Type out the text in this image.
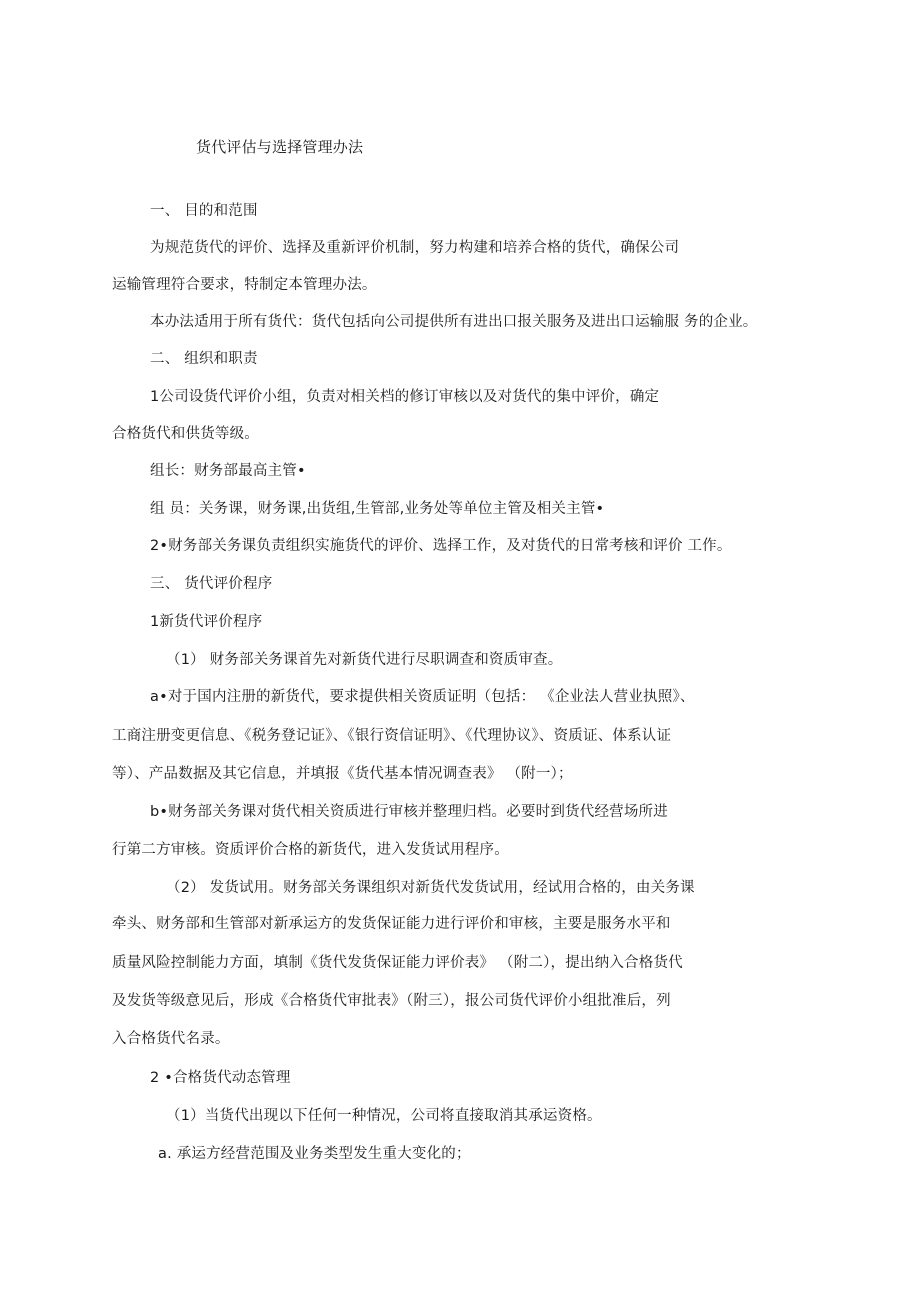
货代评估与选择管理办法
一、 目的和范围
为规范货代的评价、选择及重新评价机制，努力构建和培养合格的货代，确保公司
运输管理符合要求，特制定本管理办法。
本办法适用于所有货代：货代包括向公司提供所有进出口报关服务及进出口运输服 务的企业。
二、 组织和职责
1公司设货代评价小组，负责对相关档的修订审核以及对货代的集中评价，确定
合格货代和供货等级。
组长：财务部最高主管•
组 员：关务课，财务课,出货组,生管部,业务处等单位主管及相关主管•
2•财务部关务课负责组织实施货代的评价、选择工作，及对货代的日常考核和评价 工作。
三、 货代评价程序
1新货代评价程序
（1） 财务部关务课首先对新货代进行尽职调查和资质审查。
a•对于国内注册的新货代，要求提供相关资质证明（包括： 《企业法人营业执照》、
工商注册变更信息、《税务登记证》、《银行资信证明》、《代理协议》、资质证、体系认证
等）、产品数据及其它信息，并填报《货代基本情况调查表》 （附一）；
b•财务部关务课对货代相关资质进行审核并整理归档。必要时到货代经营场所进
行第二方审核。资质评价合格的新货代，进入发货试用程序。
（2） 发货试用。财务部关务课组织对新货代发货试用，经试用合格的，由关务课
牵头、财务部和生管部对新承运方的发货保证能力进行评价和审核，主要是服务水平和
质量风险控制能力方面，填制《货代发货保证能力评价表》 （附二），提出纳入合格货代
及发货等级意见后，形成《合格货代审批表》（附三），报公司货代评价小组批准后，列
入合格货代名录。
2 •合格货代动态管理
（1）当货代出现以下任何一种情况，公司将直接取消其承运资格。
a. 承运方经营范围及业务类型发生重大变化的；
